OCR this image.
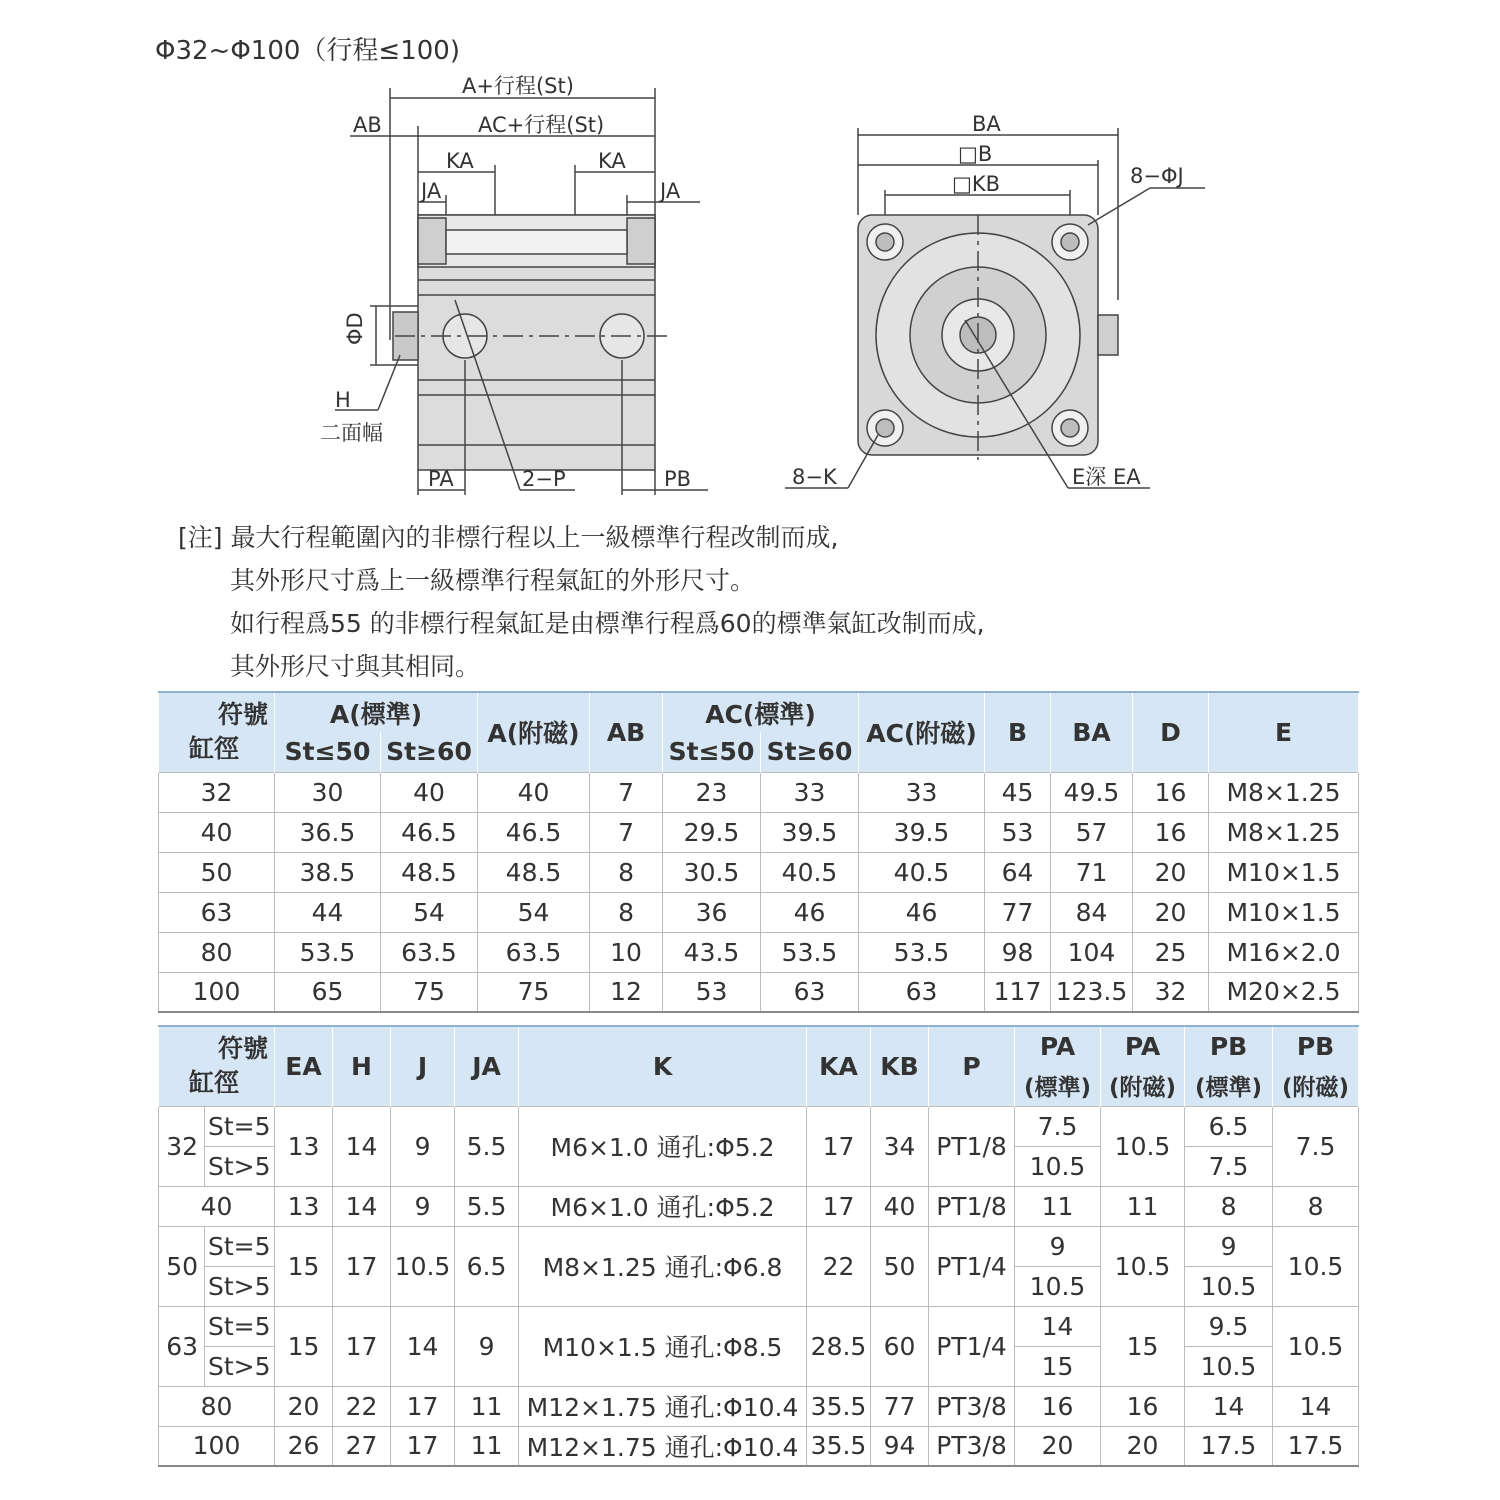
Φ32~Φ100（行程≤100)
A+行程(St)
AB	AC+行程(St)
KA	KA
JA	JA
ΦD
H
二面幅
PA	2−P	PB
BA
□B
□KB	8−ΦJ
8−K	E深 EA
[注] 最大行程範圍內的非標行程以上一級標準行程改制而成,
其外形尺寸爲上一級標準行程氣缸的外形尺寸。
如行程爲55 的非標行程氣缸是由標準行程爲60的標準氣缸改制而成,
其外形尺寸與其相同。
符號
缸徑	A(標準)		A(附磁)	AB	AC(標準)		AC(附磁)	B	BA	D	E
	St≤50	St≥60			St≤50	St≥60					
32	30	40	40	7	23	33	33	45	49.5	16	M8×1.25
40	36.5	46.5	46.5	7	29.5	39.5	39.5	53	57	16	M8×1.25
50	38.5	48.5	48.5	8	30.5	40.5	40.5	64	71	20	M10×1.5
63	44	54	54	8	36	46	46	77	84	20	M10×1.5
80	53.5	63.5	63.5	10	43.5	53.5	53.5	98	104	25	M16×2.0
100	65	75	75	12	53	63	63	117	123.5	32	M20×2.5
符號
缸徑		EA	H	J	JA	K	KA	KB	P	PA	PA	PB	PB
										(標準)	(附磁)	(標準)	(附磁)
32	St=5	13	14	9	5.5	M6×1.0 通孔:Φ5.2	17	34	PT1/8	7.5	10.5	6.5	7.5
	St>5									10.5		7.5	
40		13	14	9	5.5	M6×1.0 通孔:Φ5.2	17	40	PT1/8	11	11	8	8
50	St=5	15	17	10.5	6.5	M8×1.25 通孔:Φ6.8	22	50	PT1/4	9	10.5	9	10.5
	St>5									10.5		10.5	
63	St=5	15	17	14	9	M10×1.5 通孔:Φ8.5	28.5	60	PT1/4	14	15	9.5	10.5
	St>5									15		10.5	
80		20	22	17	11	M12×1.75 通孔:Φ10.4	35.5	77	PT3/8	16	16	14	14
100		26	27	17	11	M12×1.75 通孔:Φ10.4	35.5	94	PT3/8	20	20	17.5	17.5
